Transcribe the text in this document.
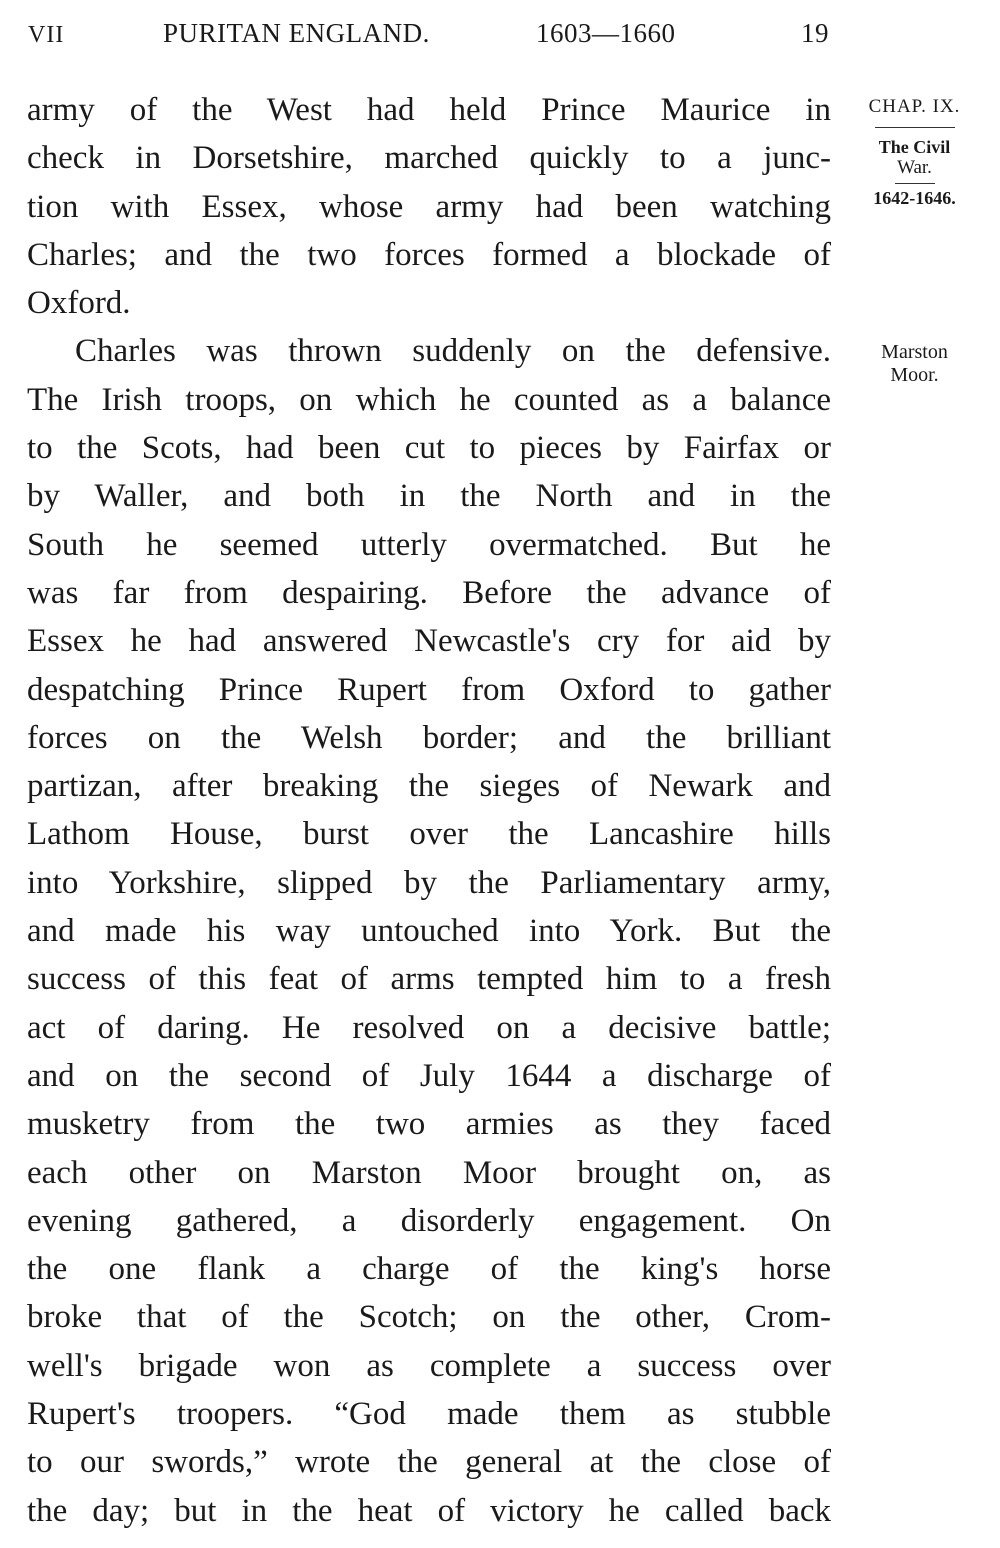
VII	PURITAN ENGLAND.	1603—1660	19
army of the West had held Prince Maurice in
check in Dorsetshire, marched quickly to a junc-
tion with Essex, whose army had been watching
Charles; and the two forces formed a blockade of
Oxford.
Charles was thrown suddenly on the defensive.
The Irish troops, on which he counted as a balance
to the Scots, had been cut to pieces by Fairfax or
by Waller, and both in the North and in the
South he seemed utterly overmatched. But he
was far from despairing. Before the advance of
Essex he had answered Newcastle's cry for aid by
despatching Prince Rupert from Oxford to gather
forces on the Welsh border; and the brilliant
partizan, after breaking the sieges of Newark and
Lathom House, burst over the Lancashire hills
into Yorkshire, slipped by the Parliamentary army,
and made his way untouched into York. But the
success of this feat of arms tempted him to a fresh
act of daring. He resolved on a decisive battle;
and on the second of July 1644 a discharge of
musketry from the two armies as they faced
each other on Marston Moor brought on, as
evening gathered, a disorderly engagement. On
the one flank a charge of the king's horse
broke that of the Scotch; on the other, Crom-
well's brigade won as complete a success over
Rupert's troopers. “God made them as stubble
to our swords,” wrote the general at the close of
the day; but in the heat of victory he called back
CHAP. IX.
The Civil
War.
1642-1646.
Marston
Moor.
